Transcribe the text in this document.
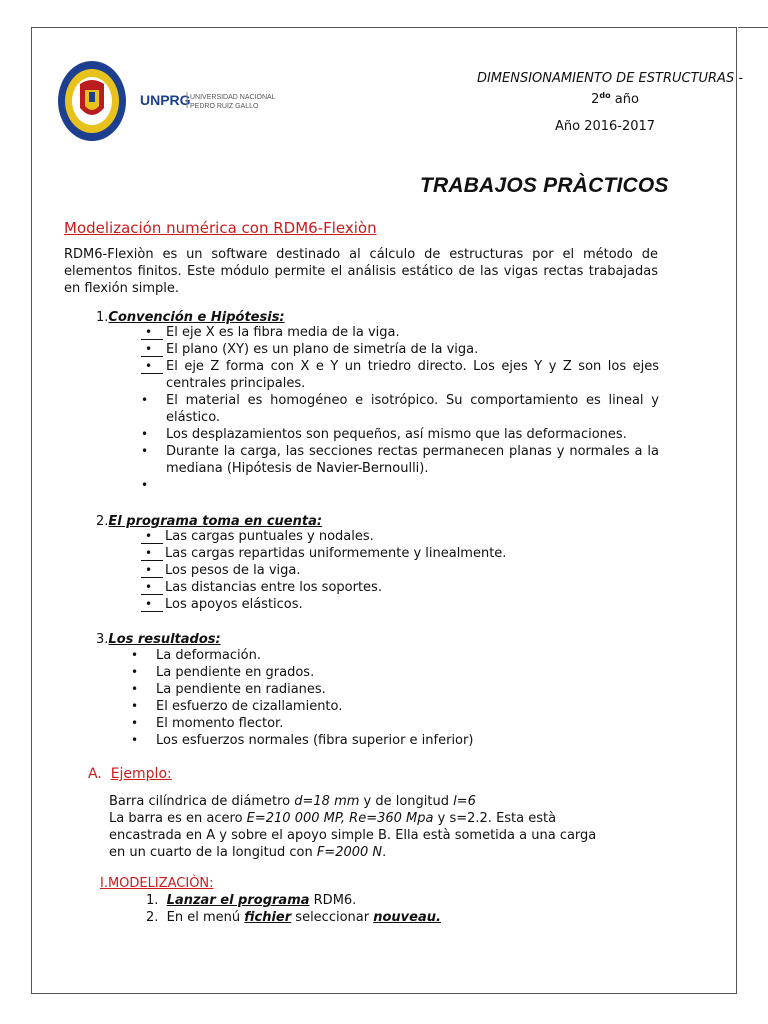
UNPRG UNIVERSIDAD NACIONAL
PEDRO RUIZ GALLO
DIMENSIONAMIENTO DE ESTRUCTURAS -
$2^{do}$ año
Año 2016-2017
TRABAJOS PRÀCTICOS
Modelización numérica con RDM6-Flexiòn
RDM6-Flexiòn es un software destinado al cálculo de estructuras por el método de elementos finitos. Este módulo permite el análisis estático de las vigas rectas trabajadas en flexión simple.
1.Convención e Hipótesis:
•	El eje X es la fibra media de la viga.
•	El plano (XY) es un plano de simetría de la viga.
•	El eje Z forma con X e Y un triedro directo. Los ejes Y y Z son los ejes centrales principales.
•	El material es homogéneo e isotrópico. Su comportamiento es lineal y elástico.
•	Los desplazamientos son pequeños, así mismo que las deformaciones.
•	Durante la carga, las secciones rectas permanecen planas y normales a la mediana (Hipótesis de Navier-Bernoulli).
•
2.El programa toma en cuenta:
• Las cargas puntuales y nodales.
• Las cargas repartidas uniformemente y linealmente.
• Los pesos de la viga.
• Las distancias entre los soportes.
• Los apoyos elásticos.
3.Los resultados:
•	La deformación.
•	La pendiente en grados.
•	La pendiente en radianes.
•	El esfuerzo de cizallamiento.
•	El momento flector.
•	Los esfuerzos normales (fibra superior e inferior)
A. Ejemplo:
Barra cilíndrica de diámetro d=18 mm y de longitud l=6
La barra es en acero E=210 000 MP, Re=360 Mpa y s=2.2. Esta està
encastrada en A y sobre el apoyo simple B. Ella està sometida a una carga
en un cuarto de la longitud con F=2000 N.
I.MODELIZACIÒN:
1. Lanzar el programa RDM6.
2. En el menú fichier seleccionar nouveau.
